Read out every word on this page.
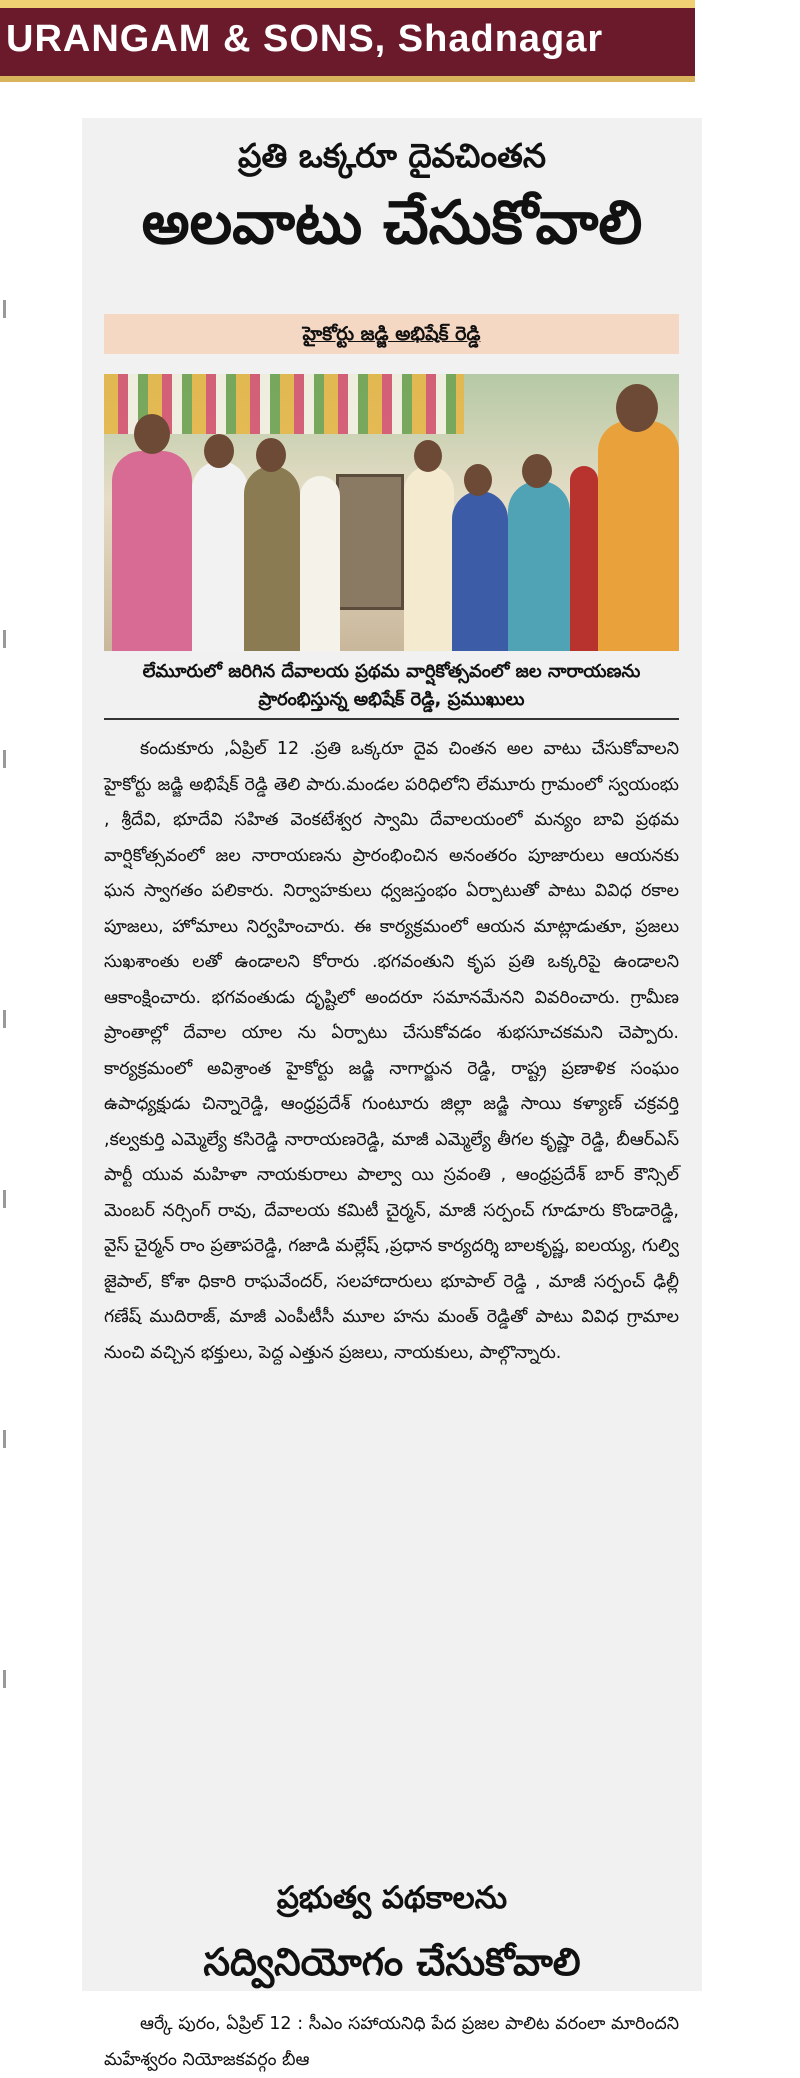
URANGAM & SONS, Shadnagar
ప్రతి ఒక్కరూ దైవచింతన
అలవాటు చేసుకోవాలి
హైకోర్టు జడ్జి అభిషేక్ రెడ్డి
లేమూరులో జరిగిన దేవాలయ ప్రథమ వార్షికోత్సవంలో జల నారాయణను ప్రారంభిస్తున్న అభిషేక్ రెడ్డి, ప్రముఖులు

కందుకూరు ,ఏప్రిల్ 12 .ప్రతి ఒక్కరూ దైవ చింతన అల వాటు చేసుకోవాలని హైకోర్టు జడ్జి అభిషేక్ రెడ్డి తెలి పారు.మండల పరిధిలోని లేమూరు గ్రామంలో స్వయంభు , శ్రీదేవి, భూదేవి సహిత వెంకటేశ్వర స్వామి దేవాలయంలో మన్యం బావి ప్రథమ వార్షికోత్సవంలో జల నారాయణను ప్రారంభించిన అనంతరం పూజారులు ఆయనకు ఘన స్వాగతం పలికారు. నిర్వాహకులు ధ్వజస్తంభం ఏర్పాటుతో పాటు వివిధ రకాల పూజలు, హోమాలు నిర్వహించారు. ఈ కార్యక్రమంలో ఆయన మాట్లాడుతూ, ప్రజలు సుఖశాంతు లతో ఉండాలని కోరారు .భగవంతుని కృప ప్రతి ఒక్కరిపై ఉండాలని ఆకాంక్షించారు. భగవంతుడు దృష్టిలో అందరూ సమానమేనని వివరించారు. గ్రామీణ ప్రాంతాల్లో దేవాల యాల ను ఏర్పాటు చేసుకోవడం శుభసూచకమని చెప్పారు. కార్యక్రమంలో అవిశ్రాంత హైకోర్టు జడ్జి నాగార్జున రెడ్డి, రాష్ట్ర ప్రణాళిక సంఘం ఉపాధ్యక్షుడు చిన్నారెడ్డి, ఆంధ్రప్రదేశ్ గుంటూరు జిల్లా జడ్జి సాయి కళ్యాణ్ చక్రవర్తి ,కల్వకుర్తి ఎమ్మెల్యే కసిరెడ్డి నారాయణరెడ్డి, మాజీ ఎమ్మెల్యే తీగల కృష్ణా రెడ్డి, బీఆర్ఎస్ పార్టీ యువ మహిళా నాయకురాలు పాల్వా యి స్రవంతి , ఆంధ్రప్రదేశ్ బార్ కౌన్సిల్ మెంబర్ నర్సింగ్ రావు, దేవాలయ కమిటీ చైర్మన్, మాజీ సర్పంచ్ గూడూరు కొండారెడ్డి, వైస్ చైర్మన్ రాం ప్రతాపరెడ్డి, గజాడి మల్లేష్ ,ప్రధాన కార్యదర్శి బాలకృష్ణ, ఐలయ్య, గుల్వి జైపాల్, కోశా ధికారి రాఘవేందర్, సలహాదారులు భూపాల్ రెడ్డి , మాజీ సర్పంచ్ ఢిల్లీ గణేష్ ముదిరాజ్, మాజీ ఎంపీటీసీ మూల హను మంత్ రెడ్డితో పాటు వివిధ గ్రామాల నుంచి వచ్చిన భక్తులు, పెద్ద ఎత్తున ప్రజలు, నాయకులు, పాల్గొన్నారు.

ప్రభుత్వ పథకాలను
సద్వినియోగం చేసుకోవాలి

ఆర్కే పురం, ఏప్రిల్ 12 : సీఎం సహాయనిధి పేద ప్రజల పాలిట వరంలా మారిందని మహేశ్వరం నియోజకవర్గం బీఆ
